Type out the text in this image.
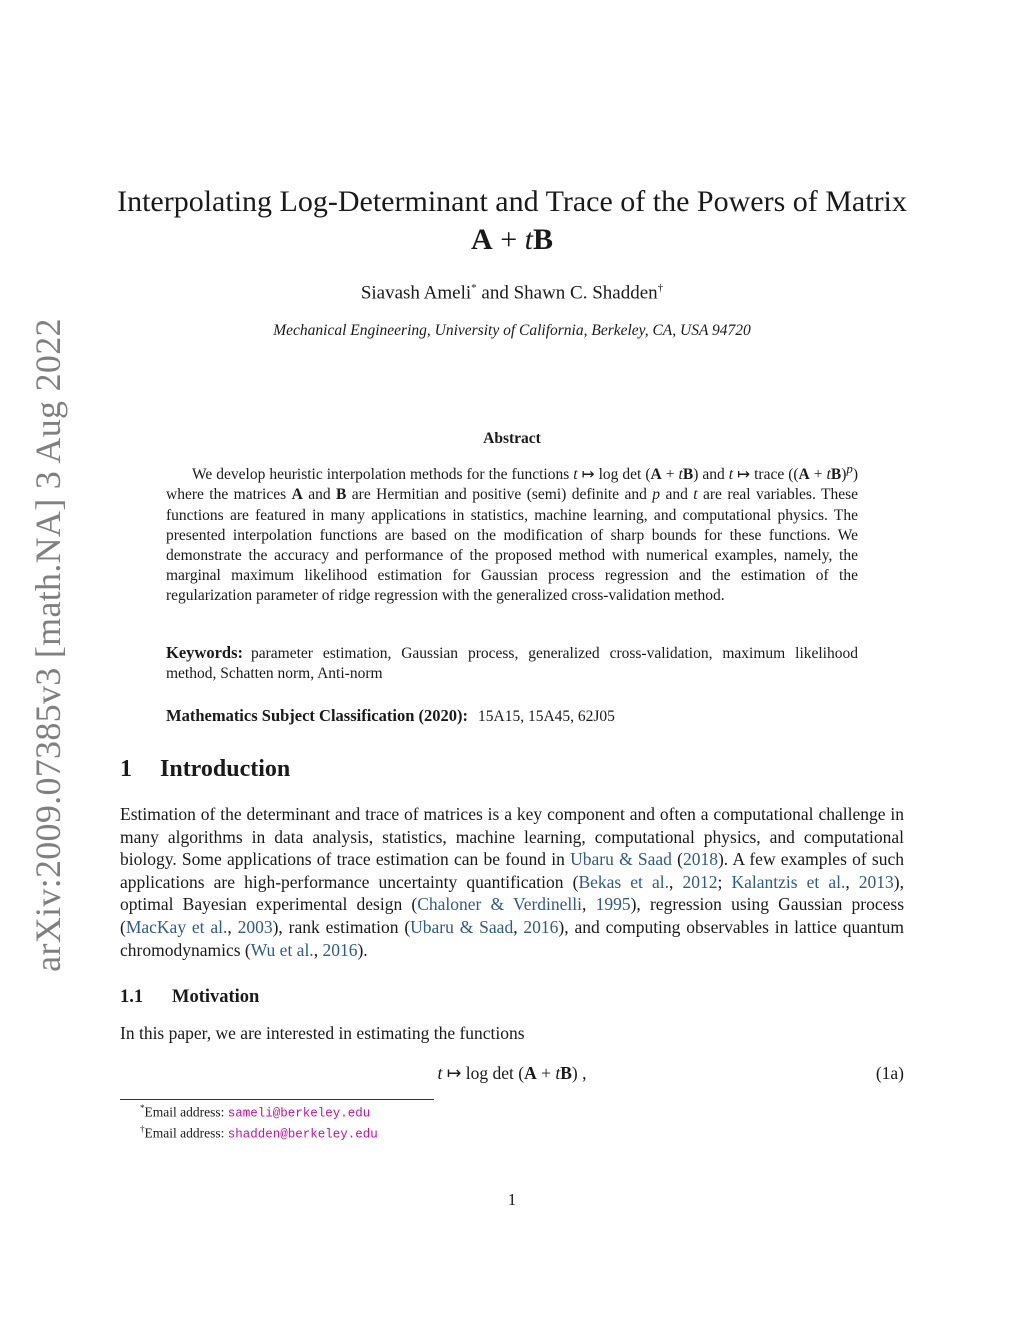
arXiv:2009.07385v3 [math.NA] 3 Aug 2022
Interpolating Log-Determinant and Trace of the Powers of Matrix
A + tB
Siavash Ameli* and Shawn C. Shadden†
Mechanical Engineering, University of California, Berkeley, CA, USA 94720
Abstract
We develop heuristic interpolation methods for the functions t ↦ log det (A + tB) and t ↦ trace ((A + tB)$^p$) where the matrices A and B are Hermitian and positive (semi) definite and p and t are real variables. These functions are featured in many applications in statistics, machine learning, and computational physics. The presented interpolation functions are based on the modification of sharp bounds for these functions. We demonstrate the accuracy and performance of the proposed method with numerical examples, namely, the marginal maximum likelihood estimation for Gaussian process regression and the estimation of the regularization parameter of ridge regression with the generalized cross-validation method.
Keywords: parameter estimation, Gaussian process, generalized cross-validation, maximum likelihood method, Schatten norm, Anti-norm
Mathematics Subject Classification (2020): 15A15, 15A45, 62J05
1 Introduction
Estimation of the determinant and trace of matrices is a key component and often a computational challenge in many algorithms in data analysis, statistics, machine learning, computational physics, and computational biology. Some applications of trace estimation can be found in Ubaru & Saad (2018). A few examples of such applications are high-performance uncertainty quantification (Bekas et al., 2012; Kalantzis et al., 2013), optimal Bayesian experimental design (Chaloner & Verdinelli, 1995), regression using Gaussian process (MacKay et al., 2003), rank estimation (Ubaru & Saad, 2016), and computing observables in lattice quantum chromodynamics (Wu et al., 2016).
1.1 Motivation
In this paper, we are interested in estimating the functions
t ↦ log det (A + tB) ,	(1a)
*Email address: sameli@berkeley.edu
†Email address: shadden@berkeley.edu
1
